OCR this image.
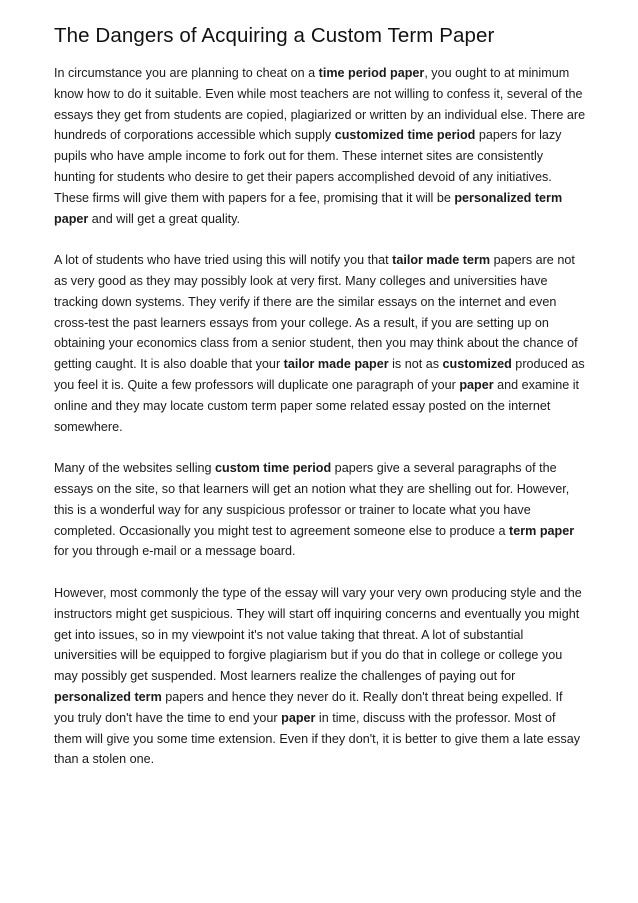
The Dangers of Acquiring a Custom Term Paper

In circumstance you are planning to cheat on a time period paper, you ought to at minimum know how to do it suitable. Even while most teachers are not willing to confess it, several of the essays they get from students are copied, plagiarized or written by an individual else. There are hundreds of corporations accessible which supply customized time period papers for lazy pupils who have ample income to fork out for them. These internet sites are consistently hunting for students who desire to get their papers accomplished devoid of any initiatives. These firms will give them with papers for a fee, promising that it will be personalized term paper and will get a great quality.

A lot of students who have tried using this will notify you that tailor made term papers are not as very good as they may possibly look at very first. Many colleges and universities have tracking down systems. They verify if there are the similar essays on the internet and even cross-test the past learners essays from your college. As a result, if you are setting up on obtaining your economics class from a senior student, then you may think about the chance of getting caught. It is also doable that your tailor made paper is not as customized produced as you feel it is. Quite a few professors will duplicate one paragraph of your paper and examine it online and they may locate custom term paper some related essay posted on the internet somewhere.

Many of the websites selling custom time period papers give a several paragraphs of the essays on the site, so that learners will get an notion what they are shelling out for. However, this is a wonderful way for any suspicious professor or trainer to locate what you have completed. Occasionally you might test to agreement someone else to produce a term paper for you through e-mail or a message board.

However, most commonly the type of the essay will vary your very own producing style and the instructors might get suspicious. They will start off inquiring concerns and eventually you might get into issues, so in my viewpoint it's not value taking that threat. A lot of substantial universities will be equipped to forgive plagiarism but if you do that in college or college you may possibly get suspended. Most learners realize the challenges of paying out for personalized term papers and hence they never do it. Really don't threat being expelled. If you truly don't have the time to end your paper in time, discuss with the professor. Most of them will give you some time extension. Even if they don't, it is better to give them a late essay than a stolen one.
